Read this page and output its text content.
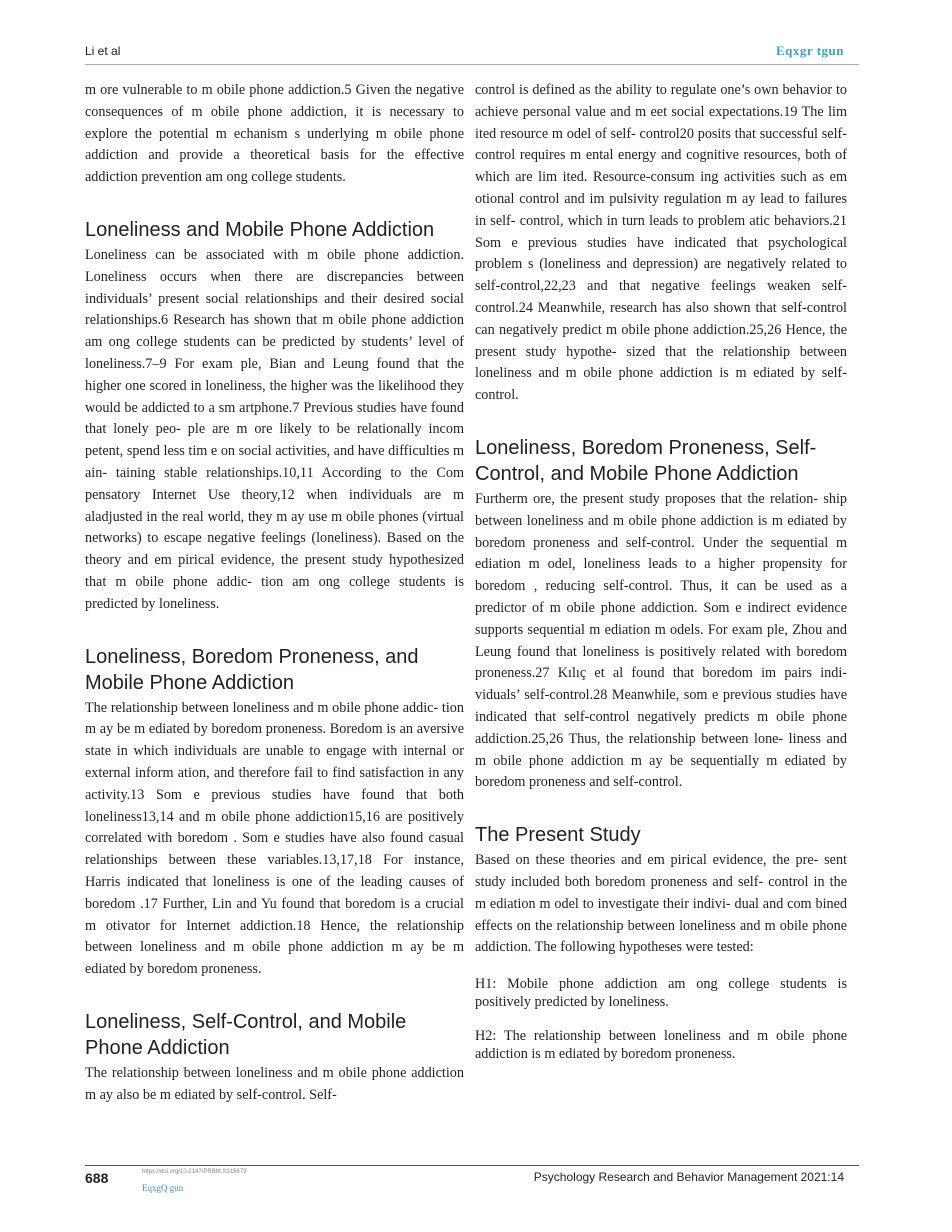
Li et al	Eqxgr tgun

m ore vulnerable to m obile phone addiction.5 Given the negative consequences of m obile phone addiction, it is necessary to explore the potential m echanism s underlying m obile phone addiction and provide a theoretical basis for the effective addiction prevention am ong college students.

Loneliness and Mobile Phone Addiction

Loneliness can be associated with m obile phone addiction. Loneliness occurs when there are discrepancies between individuals’ present social relationships and their desired social relationships.6 Research has shown that m obile phone addiction am ong college students can be predicted by students’ level of loneliness.7–9 For exam ple, Bian and Leung found that the higher one scored in loneliness, the higher was the likelihood they would be addicted to a sm artphone.7 Previous studies have found that lonely peo- ple are m ore likely to be relationally incom petent, spend less tim e on social activities, and have difficulties m ain- taining stable relationships.10,11 According to the Com pensatory Internet Use theory,12 when individuals are m aladjusted in the real world, they m ay use m obile phones (virtual networks) to escape negative feelings (loneliness). Based on the theory and em pirical evidence, the present study hypothesized that m obile phone addic- tion am ong college students is predicted by loneliness.

Loneliness, Boredom Proneness, and Mobile Phone Addiction

The relationship between loneliness and m obile phone addic- tion m ay be m ediated by boredom proneness. Boredom is an aversive state in which individuals are unable to engage with internal or external inform ation, and therefore fail to find satisfaction in any activity.13 Som e previous studies have found that both loneliness13,14 and m obile phone addiction15,16 are positively correlated with boredom . Som e studies have also found casual relationships between these variables.13,17,18 For instance, Harris indicated that loneliness is one of the leading causes of boredom .17 Further, Lin and Yu found that boredom is a crucial m otivator for Internet addiction.18 Hence, the relationship between loneliness and m obile phone addiction m ay be m ediated by boredom proneness.

Loneliness, Self-Control, and Mobile Phone Addiction

The relationship between loneliness and m obile phone addiction m ay also be m ediated by self-control. Self-

control is defined as the ability to regulate one’s own behavior to achieve personal value and m eet social expectations.19 The lim ited resource m odel of self- control20 posits that successful self-control requires m ental energy and cognitive resources, both of which are lim ited. Resource-consum ing activities such as em otional control and im pulsivity regulation m ay lead to failures in self- control, which in turn leads to problem atic behaviors.21 Som e previous studies have indicated that psychological problem s (loneliness and depression) are negatively related to self-control,22,23 and that negative feelings weaken self-control.24 Meanwhile, research has also shown that self-control can negatively predict m obile phone addiction.25,26 Hence, the present study hypothe- sized that the relationship between loneliness and m obile phone addiction is m ediated by self-control.

Loneliness, Boredom Proneness, Self-Control, and Mobile Phone Addiction

Furtherm ore, the present study proposes that the relation- ship between loneliness and m obile phone addiction is m ediated by boredom proneness and self-control. Under the sequential m ediation m odel, loneliness leads to a higher propensity for boredom , reducing self-control. Thus, it can be used as a predictor of m obile phone addiction. Som e indirect evidence supports sequential m ediation m odels. For exam ple, Zhou and Leung found that loneliness is positively related with boredom proneness.27 Kılıç et al found that boredom im pairs indi- viduals’ self-control.28 Meanwhile, som e previous studies have indicated that self-control negatively predicts m obile phone addiction.25,26 Thus, the relationship between lone- liness and m obile phone addiction m ay be sequentially m ediated by boredom proneness and self-control.

The Present Study

Based on these theories and em pirical evidence, the pre- sent study included both boredom proneness and self- control in the m ediation m odel to investigate their indivi- dual and com bined effects on the relationship between loneliness and m obile phone addiction. The following hypotheses were tested:

H1: Mobile phone addiction am ong college students is positively predicted by loneliness.

H2: The relationship between loneliness and m obile phone addiction is m ediated by boredom proneness.

688	https://doi.org/10.2147/PRBM.S315879
EqxgQ gun
Psychology Research and Behavior Management 2021:14
